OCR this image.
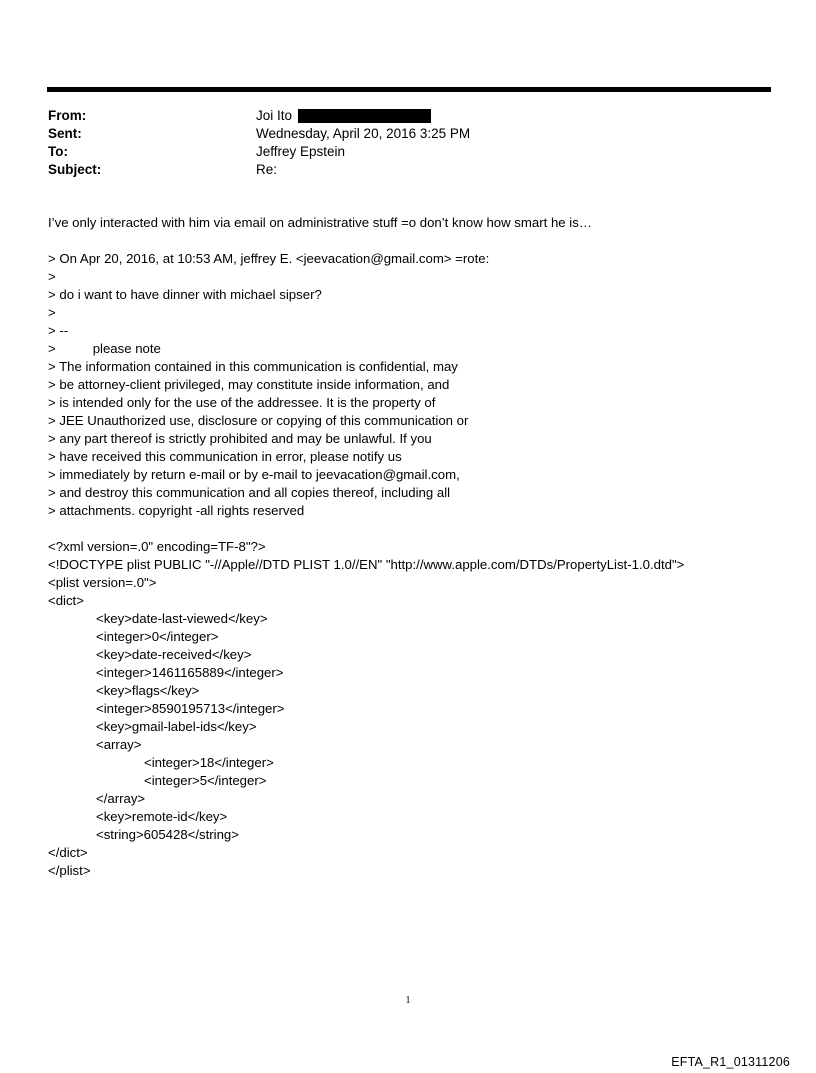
From:	Joi Ito
Sent:	Wednesday, April 20, 2016 3:25 PM
To:	Jeffrey Epstein
Subject:	Re:
I’ve only interacted with him via email on administrative stuff =o don’t know how smart he is…
> On Apr 20, 2016, at 10:53 AM, jeffrey E. <jeevacation@gmail.com> =rote:
>
> do i want to have dinner with michael sipser?
>
> --
>	please note
> The information contained in this communication is confidential, may
> be attorney-client privileged, may constitute inside information, and
> is intended only for the use of the addressee. It is the property of
> JEE Unauthorized use, disclosure or copying of this communication or
> any part thereof is strictly prohibited and may be unlawful. If you
> have received this communication in error, please notify us
> immediately by return e-mail or by e-mail to jeevacation@gmail.com,
> and destroy this communication and all copies thereof, including all
> attachments. copyright -all rights reserved
<?xml version=.0" encoding=TF-8"?>
<!DOCTYPE plist PUBLIC "-//Apple//DTD PLIST 1.0//EN" "http://www.apple.com/DTDs/PropertyList-1.0.dtd">
<plist version=.0">
<dict>
<key>date-last-viewed</key>
<integer>0</integer>
<key>date-received</key>
<integer>1461165889</integer>
<key>flags</key>
<integer>8590195713</integer>
<key>gmail-label-ids</key>
<array>
<integer>18</integer>
<integer>5</integer>
</array>
<key>remote-id</key>
<string>605428</string>
</dict>
</plist>
1
EFTA_R1_01311206
